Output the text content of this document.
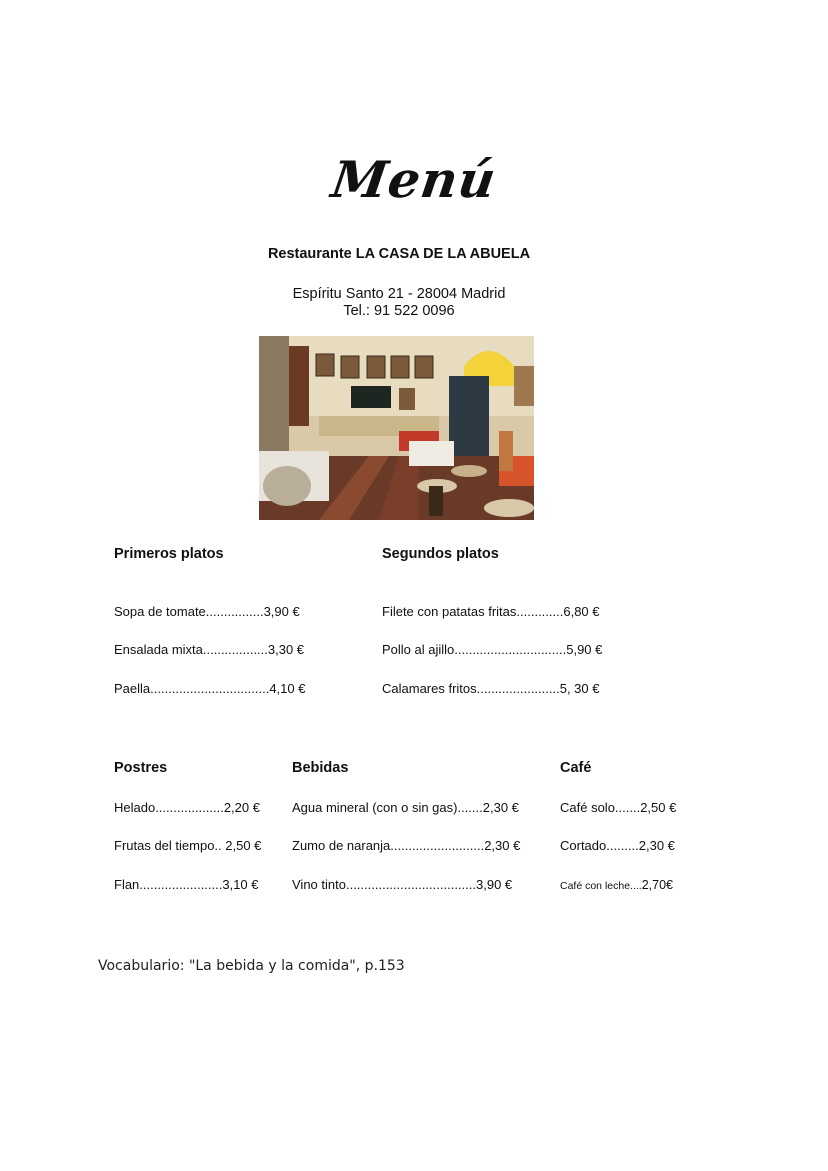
Menú
Restaurante LA CASA DE LA ABUELA
Espíritu Santo 21 - 28004 Madrid
Tel.: 91 522 0096
Primeros platos
Sopa de tomate................3,90 €
Ensalada mixta..................3,30 €
Paella.................................4,10 €
Segundos platos
Filete con patatas fritas.............6,80 €
Pollo al ajillo...............................5,90 €
Calamares fritos.......................5, 30 €
Postres
Helado...................2,20 €
Frutas del tiempo.. 2,50 €
Flan.......................3,10 €
Bebidas
Agua mineral (con o sin gas).......2,30 €
Zumo de naranja..........................2,30 €
Vino tinto....................................3,90 €
Café
Café solo.......2,50 €
Cortado.........2,30 €
Café con leche....2,70€
Vocabulario: "La bebida y la comida", p.153
